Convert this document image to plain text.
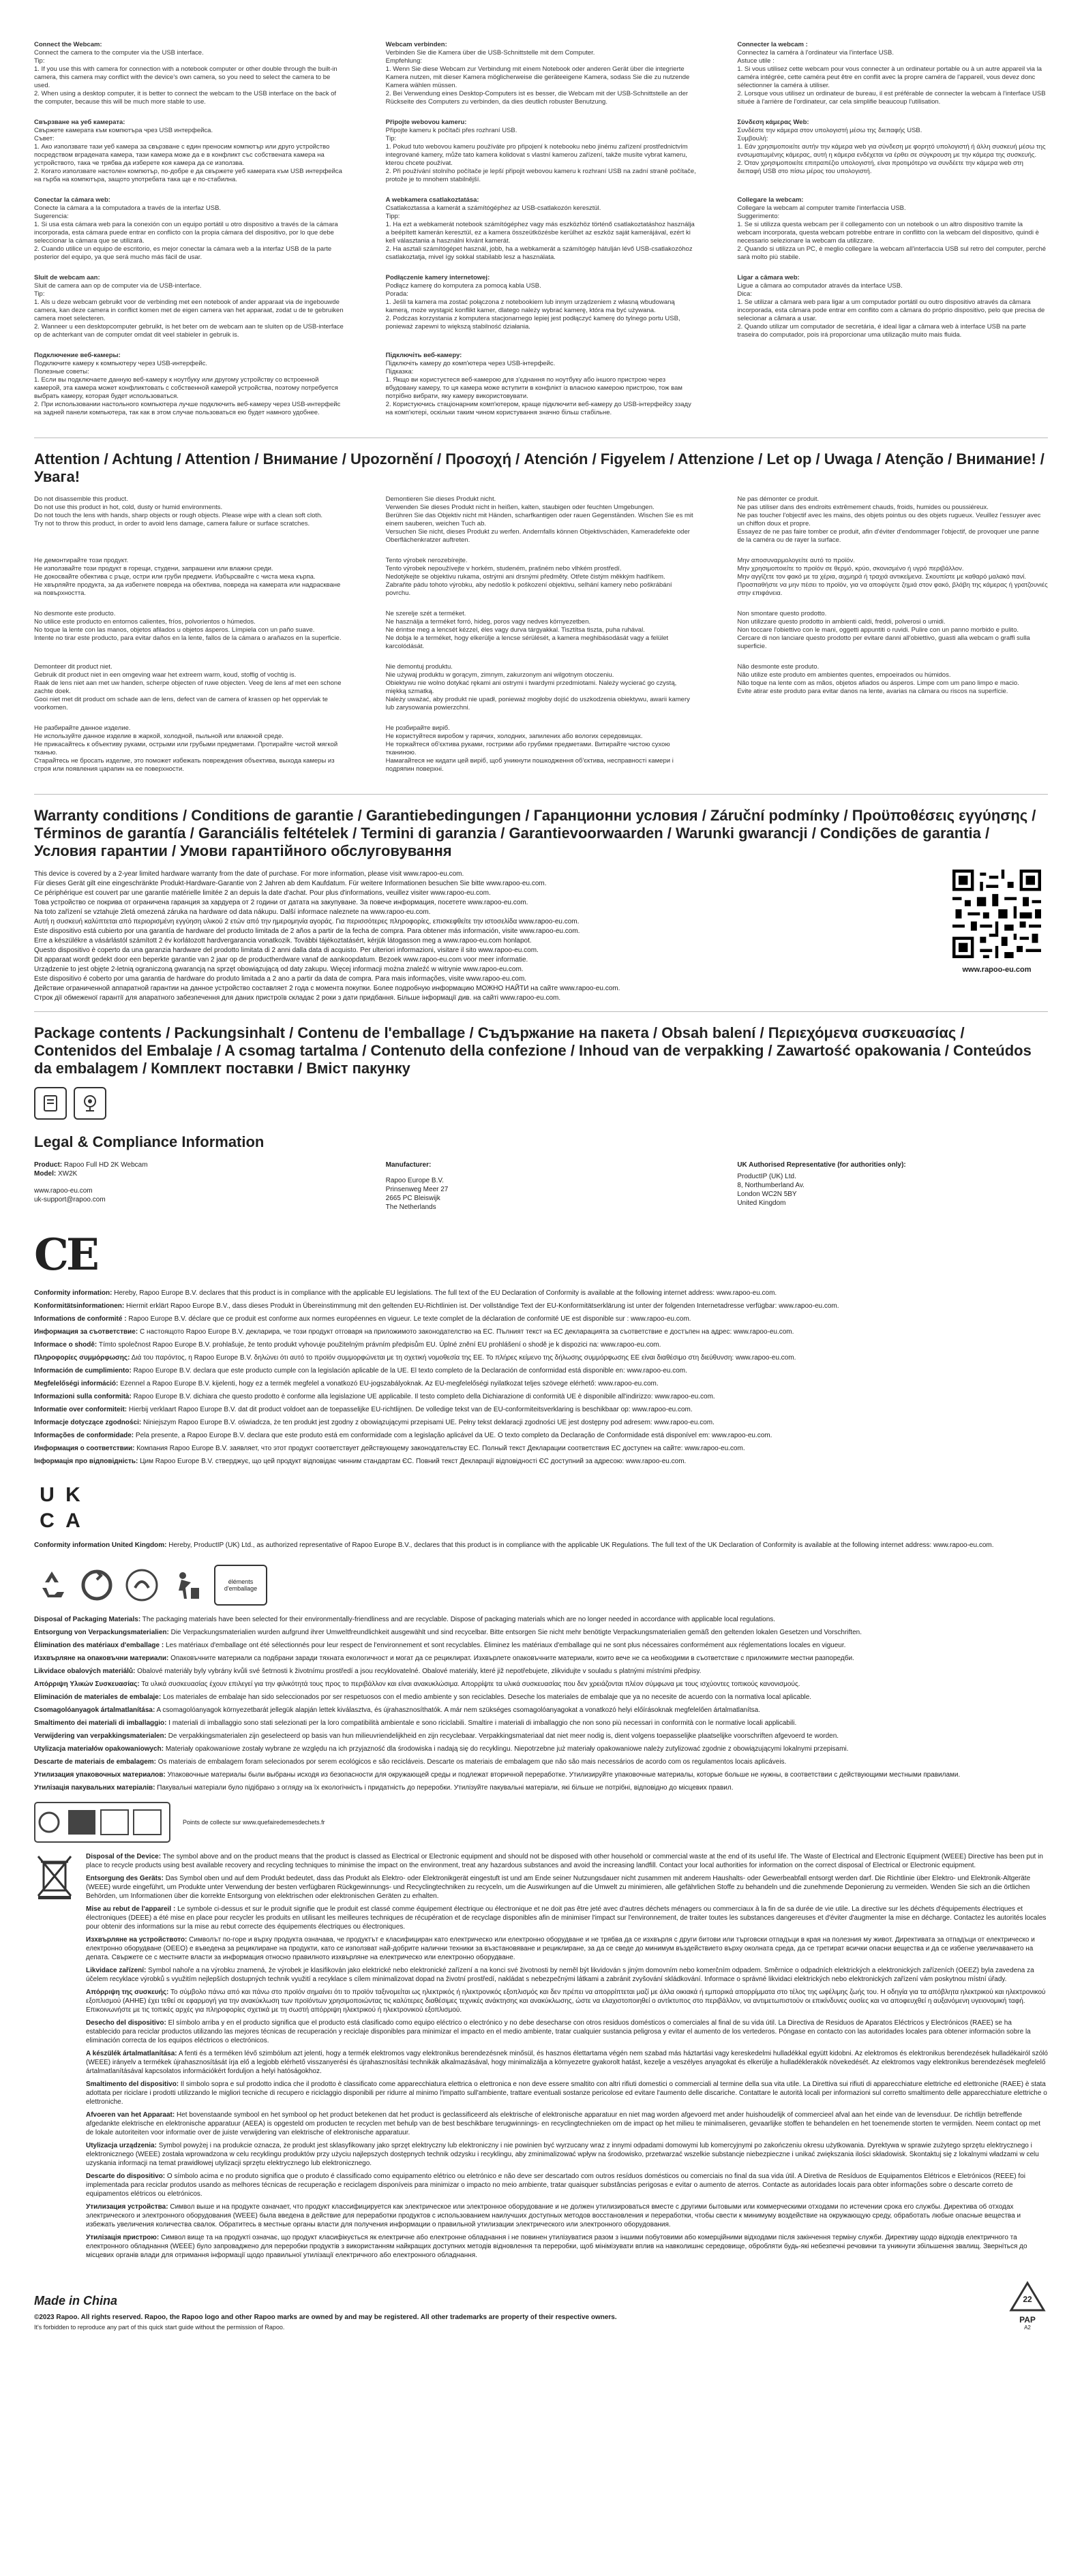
Connect the Webcam:
Connect the camera to the computer via the USB interface.
Tip:
1. If you use this with camera for connection with a notebook computer or other double through the built-in camera, this camera may conflict with the device's own camera, so you need to select the camera to be used.
2. When using a desktop computer, it is better to connect the webcam to the USB interface on the back of the computer, because this will be much more stable to use.
Webcam verbinden:
Verbinden Sie die Kamera über die USB-Schnittstelle mit dem Computer.
Empfehlung:
1. Wenn Sie diese Webcam zur Verbindung mit einem Notebook oder anderen Gerät über die integrierte Kamera nutzen, mit dieser Kamera möglicherweise die geräteeigene Kamera, sodass Sie die zu nutzende Kamera wählen müssen.
2. Bei Verwendung eines Desktop-Computers ist es besser, die Webcam mit der USB-Schnittstelle an der Rückseite des Computers zu verbinden, da dies deutlich robuster Benutzung.
Connecter la webcam :
Connectez la caméra à l'ordinateur via l'interface USB.
Astuce utile :
1. Si vous utilisez cette webcam pour vous connecter à un ordinateur portable ou à un autre appareil via la caméra intégrée, cette caméra peut être en conflit avec la propre caméra de l'appareil, vous devez donc sélectionner la caméra à utiliser.
2. Lorsque vous utilisez un ordinateur de bureau, il est préférable de connecter la webcam à l'interface USB située à l'arrière de l'ordinateur, car cela simplifie beaucoup l'utilisation.
Свързване на уеб камерата:
Свържете камерата към компютъра чрез USB интерфейса.
Съвет:
1. Ако използвате тази уеб камера за свързване с един преносим компютър или друго устройство посредством вградената камера, тази камера може да е в конфликт със собствената камера на устройството, така че трябва да изберете коя камера да се използва.
2. Когато използвате настолен компютър, по-добре е да свържете уеб камерата към USB интерфейса на гърба на компютъра, защото употребата така ще е по-стабилна.
Připojte webovou kameru:
Připojte kameru k počítači přes rozhraní USB.
Tip:
1. Pokud tuto webovou kameru používáte pro připojení k notebooku nebo jinému zařízení prostřednictvím integrované kamery, může tato kamera kolidovat s vlastní kamerou zařízení, takže musíte vybrat kameru, kterou chcete používat.
2. Při používání stolního počítače je lepší připojit webovou kameru k rozhraní USB na zadní straně počítače, protože je to mnohem stabilnější.
Σύνδεση κάμερας Web:
Συνδέστε την κάμερα στον υπολογιστή μέσω της διεπαφής USB.
Συμβουλή:
1. Εάν χρησιμοποιείτε αυτήν την κάμερα web για σύνδεση με φορητό υπολογιστή ή άλλη συσκευή μέσω της ενσωματωμένης κάμερας, αυτή η κάμερα ενδέχεται να έρθει σε σύγκρουση με την κάμερα της συσκευής.
2. Όταν χρησιμοποιείτε επιτραπέζιο υπολογιστή, είναι προτιμότερο να συνδέετε την κάμερα web στη διεπαφή USB στο πίσω μέρος του υπολογιστή.
Conectar la cámara web:
Conecte la cámara a la computadora a través de la interfaz USB.
Sugerencia:
1. Si usa esta cámara web para la conexión con un equipo portátil u otro dispositivo a través de la cámara incorporada, esta cámara puede entrar en conflicto con la propia cámara del dispositivo, por lo que debe seleccionar la cámara que se utilizará.
2. Cuando utilice un equipo de escritorio, es mejor conectar la cámara web a la interfaz USB de la parte posterior del equipo, ya que será mucho más fácil de usar.
A webkamera csatlakoztatása:
Csatlakoztassa a kamerát a számítógéphez az USB-csatlakozón keresztül.
Tipp:
1. Ha ezt a webkamerát notebook számítógéphez vagy más eszközhöz történő csatlakoztatáshoz használja a beépített kamerán keresztül, ez a kamera összeütközésbe kerülhet az eszköz saját kamerájával, ezért ki kell választania a használni kívánt kamerát.
2. Ha asztali számítógépet használ, jobb, ha a webkamerát a számítógép hátulján lévő USB-csatlakozóhoz csatlakoztatja, mivel így sokkal stabilabb lesz a használata.
Collegare la webcam:
Collegare la webcam al computer tramite l'interfaccia USB.
Suggerimento:
1. Se si utilizza questa webcam per il collegamento con un notebook o un altro dispositivo tramite la webcam incorporata, questa webcam potrebbe entrare in conflitto con la webcam del dispositivo, quindi è necessario selezionare la webcam da utilizzare.
2. Quando si utilizza un PC, è meglio collegare la webcam all'interfaccia USB sul retro del computer, perché sarà molto più stabile.
Sluit de webcam aan:
Sluit de camera aan op de computer via de USB-interface.
Tip:
1. Als u deze webcam gebruikt voor de verbinding met een notebook of ander apparaat via de ingebouwde camera, kan deze camera in conflict komen met de eigen camera van het apparaat, zodat u de te gebruiken camera moet selecteren.
2. Wanneer u een desktopcomputer gebruikt, is het beter om de webcam aan te sluiten op de USB-interface op de achterkant van de computer omdat dit veel stabieler in gebruik is.
Podłączenie kamery internetowej:
Podłącz kamerę do komputera za pomocą kabla USB.
Porada:
1. Jeśli ta kamera ma zostać połączona z notebookiem lub innym urządzeniem z własną wbudowaną kamerą, może wystąpić konflikt kamer, dlatego należy wybrać kamerę, która ma być używana.
2. Podczas korzystania z komputera stacjonarnego lepiej jest podłączyć kamerę do tylnego portu USB, ponieważ zapewni to większą stabilność działania.
Ligar a câmara web:
Ligue a câmara ao computador através da interface USB.
Dica:
1. Se utilizar a câmara web para ligar a um computador portátil ou outro dispositivo através da câmara incorporada, esta câmara pode entrar em conflito com a câmara do próprio dispositivo, pelo que precisa de selecionar a câmara a usar.
2. Quando utilizar um computador de secretária, é ideal ligar a câmara web à interface USB na parte traseira do computador, pois irá proporcionar uma utilização muito mais fluida.
Подключение веб-камеры:
Подключите камеру к компьютеру через USB-интерфейс.
Полезные советы:
1. Если вы подключаете данную веб-камеру к ноутбуку или другому устройству со встроенной камерой, эта камера может конфликтовать с собственной камерой устройства, поэтому потребуется выбрать камеру, которая будет использоваться.
2. При использовании настольного компьютера лучше подключить веб-камеру через USB-интерфейс на задней панели компьютера, так как в этом случае пользоваться ею будет намного удобнее.
Підключіть веб-камеру:
Підключіть камеру до комп'ютера через USB-інтерфейс.
Підказка:
1. Якщо ви користуєтеся веб-камерою для з'єднання по ноутбуку або іншого пристрою через вбудовану камеру, то ця камера може вступити в конфлікт із власною камерою пристрою, тож вам потрібно вибрати, яку камеру використовувати.
2. Користуючись стаціонарним комп'ютером, краще підключити веб-камеру до USB-інтерфейсу ззаду на комп'ютері, оскільки таким чином користування значно більш стабільне.
Attention / Achtung / Attention / Внимание / Upozornění / Προσοχή / Atención / Figyelem / Attenzione / Let op / Uwaga / Atenção / Внимание! / Увага!
Do not disassemble this product.
Do not use this product in hot, cold, dusty or humid environments.
Do not touch the lens with hands, sharp objects or rough objects. Please wipe with a clean soft cloth.
Try not to throw this product, in order to avoid lens damage, camera failure or surface scratches.
Demontieren Sie dieses Produkt nicht.
Verwenden Sie dieses Produkt nicht in heißen, kalten, staubigen oder feuchten Umgebungen.
Berühren Sie das Objektiv nicht mit Händen, scharfkantigen oder rauen Gegenständen. Wischen Sie es mit einem sauberen, weichen Tuch ab.
Versuchen Sie nicht, dieses Produkt zu werfen. Andernfalls können Objektivschäden, Kameradefekte oder Oberflächenkratzer auftreten.
Ne pas démonter ce produit.
Ne pas utiliser dans des endroits extrêmement chauds, froids, humides ou poussiéreux.
Ne pas toucher l'objectif avec les mains, des objets pointus ou des objets rugueux. Veuillez l'essuyer avec un chiffon doux et propre.
Essayez de ne pas faire tomber ce produit, afin d'éviter d'endommager l'objectif, de provoquer une panne de la caméra ou de rayer la surface.
Не демонтирайте този продукт.
Не използвайте този продукт в горещи, студени, запрашени или влажни среди.
Не докосвайте обектива с ръце, остри или груби предмети. Избърсвайте с чиста мека кърпа.
Не хвърляйте продукта, за да избегнете повреда на обектива, повреда на камерата или надраскване на повърхността.
Tento výrobek nerozebírejte.
Tento výrobek nepoužívejte v horkém, studeném, prašném nebo vlhkém prostředí.
Nedotýkejte se objektivu rukama, ostrými ani drsnými předměty. Otřete čistým měkkým hadříkem.
Zabraňte pádu tohoto výrobku, aby nedošlo k poškození objektivu, selhání kamery nebo poškrábání povrchu.
Μην αποσυναρμολογείτε αυτό το προϊόν.
Μην χρησιμοποιείτε το προϊόν σε θερμό, κρύο, σκονισμένο ή υγρό περιβάλλον.
Μην αγγίζετε τον φακό με τα χέρια, αιχμηρά ή τραχιά αντικείμενα. Σκουπίστε με καθαρό μαλακό πανί.
Προσπαθήστε να μην πέσει το προϊόν, για να αποφύγετε ζημιά στον φακό, βλάβη της κάμερας ή γρατζουνιές στην επιφάνεια.
No desmonte este producto.
No utilice este producto en entornos calientes, fríos, polvorientos o húmedos.
No toque la lente con las manos, objetos afilados u objetos ásperos. Límpiela con un paño suave.
Intente no tirar este producto, para evitar daños en la lente, fallos de la cámara o arañazos en la superficie.
Ne szerelje szét a terméket.
Ne használja a terméket forró, hideg, poros vagy nedves környezetben.
Ne érintse meg a lencsét kézzel, éles vagy durva tárgyakkal. Tisztítsa tiszta, puha ruhával.
Ne dobja le a terméket, hogy elkerülje a lencse sérülését, a kamera meghibásodását vagy a felület karcolódását.
Non smontare questo prodotto.
Non utilizzare questo prodotto in ambienti caldi, freddi, polverosi o umidi.
Non toccare l'obiettivo con le mani, oggetti appuntiti o ruvidi. Pulire con un panno morbido e pulito.
Cercare di non lanciare questo prodotto per evitare danni all'obiettivo, guasti alla webcam o graffi sulla superficie.
Demonteer dit product niet.
Gebruik dit product niet in een omgeving waar het extreem warm, koud, stoffig of vochtig is.
Raak de lens niet aan met uw handen, scherpe objecten of ruwe objecten. Veeg de lens af met een schone zachte doek.
Gooi niet met dit product om schade aan de lens, defect van de camera of krassen op het oppervlak te voorkomen.
Nie demontuj produktu.
Nie używaj produktu w gorącym, zimnym, zakurzonym ani wilgotnym otoczeniu.
Obiektywu nie wolno dotykać rękami ani ostrymi i twardymi przedmiotami. Należy wycierać go czystą, miękką szmatką.
Należy uważać, aby produkt nie upadł, ponieważ mogłoby dojść do uszkodzenia obiektywu, awarii kamery lub zarysowania powierzchni.
Não desmonte este produto.
Não utilize este produto em ambientes quentes, empoeirados ou húmidos.
Não toque na lente com as mãos, objetos afiados ou ásperos. Limpe com um pano limpo e macio.
Evite atirar este produto para evitar danos na lente, avarias na câmara ou riscos na superfície.
Не разбирайте данное изделие.
Не используйте данное изделие в жаркой, холодной, пыльной или влажной среде.
Не прикасайтесь к объективу руками, острыми или грубыми предметами. Протирайте чистой мягкой тканью.
Старайтесь не бросать изделие, это поможет избежать повреждения объектива, выхода камеры из строя или появления царапин на ее поверхности.
Не розбирайте виріб.
Не користуйтеся виробом у гарячих, холодних, запилених або вологих середовищах.
Не торкайтеся об'єктива руками, гострими або грубими предметами. Витирайте чистою сухою тканиною.
Намагайтеся не кидати цей виріб, щоб уникнути пошкодження об'єктива, несправності камери і подряпин поверхні.
Warranty conditions / Conditions de garantie / Garantiebedingungen / Гаранционни условия / Záruční podmínky / Προϋποθέσεις εγγύησης / Términos de garantía / Garanciális feltételek / Termini di garanzia / Garantievoorwaarden / Warunki gwarancji / Condições de garantia / Условия гарантии / Умови гарантійного обслуговування
This device is covered by a 2-year limited hardware warranty from the date of purchase. For more information, please visit www.rapoo-eu.com.
Für dieses Gerät gilt eine eingeschränkte Produkt-Hardware-Garantie von 2 Jahren ab dem Kaufdatum. Für weitere Informationen besuchen Sie bitte www.rapoo-eu.com.
Ce périphérique est couvert par une garantie matérielle limitée 2 an depuis la date d'achat. Pour plus d'informations, veuillez visiter www.rapoo-eu.com.
Това устройство се покрива от ограничена гаранция за хардуера от 2 години от датата на закупуване. За повече информация, посетете www.rapoo-eu.com.
Na toto zařízení se vztahuje 2letá omezená záruka na hardware od data nákupu. Další informace naleznete na www.rapoo-eu.com.
Αυτή η συσκευή καλύπτεται από περιορισμένη εγγύηση υλικού 2 ετών από την ημερομηνία αγοράς. Για περισσότερες πληροφορίες, επισκεφθείτε την ιστοσελίδα www.rapoo-eu.com.
Este dispositivo está cubierto por una garantía de hardware del producto limitada de 2 años a partir de la fecha de compra. Para obtener más información, visite www.rapoo-eu.com.
Erre a készülékre a vásárlástól számított 2 év korlátozott hardvergarancia vonatkozik. További tájékoztatásért, kérjük látogasson meg a www.rapoo-eu.com honlapot.
Questo dispositivo è coperto da una garanzia hardware del prodotto limitata di 2 anni dalla data di acquisto. Per ulteriori informazioni, visitare il sito www.rapoo-eu.com.
Dit apparaat wordt gedekt door een beperkte garantie van 2 jaar op de productherdware vanaf de aankoopdatum. Bezoek www.rapoo-eu.com voor meer informatie.
Urządzenie to jest objęte 2-letnią ograniczoną gwarancją na sprzęt obowiązującą od daty zakupu. Więcej informacji można znaleźć w witrynie www.rapoo-eu.com.
Este dispositivo é coberto por uma garantia de hardware do produto limitada a 2 ano a partir da data de compra. Para mais informações, visite www.rapoo-eu.com.
Действие ограниченной аппаратной гарантии на данное устройство составляет 2 года с момента покупки. Более подробную информацию МОЖНО НАЙТИ на сайте www.rapoo-eu.com.
Строк дії обмеженої гарантії для апаратного забезпечення для даних пристроїв складає 2 роки з дати придбання. Більше інформації див. на сайті www.rapoo-eu.com.
www.rapoo-eu.com
Package contents / Packungsinhalt / Contenu de l'emballage / Съдържание на пакета / Obsah balení / Περιεχόμενα συσκευασίας / Contenidos del Embalaje / A csomag tartalma / Contenuto della confezione / Inhoud van de verpakking / Zawartość opakowania / Conteúdos da embalagem / Комплект поставки / Вміст пакунку
Legal & Compliance Information
Product: Rapoo Full HD 2K Webcam
Model: XW2K
www.rapoo-eu.com
uk-support@rapoo.com
Manufacturer:
Rapoo Europe B.V.
Prinsenweg Meer 27
2665 PC Bleiswijk
The Netherlands
UK Authorised Representative (for authorities only):
ProductIP (UK) Ltd.
8, Northumberland Av.
London WC2N 5BY
United Kingdom
CE
Conformity information: Hereby, Rapoo Europe B.V. declares that this product is in compliance with the applicable EU legislations. The full text of the EU Declaration of Conformity is available at the following internet address: www.rapoo-eu.com.
Konformitätsinformationen: Hiermit erklärt Rapoo Europe B.V., dass dieses Produkt in Übereinstimmung mit den geltenden EU-Richtlinien ist. Der vollständige Text der EU-Konformitätserklärung ist unter der folgenden Internetadresse verfügbar: www.rapoo-eu.com.
Informations de conformité : Rapoo Europe B.V. déclare que ce produit est conforme aux normes européennes en vigueur. Le texte complet de la déclaration de conformité UE est disponible sur : www.rapoo-eu.com.
Информация за съответствие: С настоящото Rapoo Europe B.V. декларира, че този продукт отговаря на приложимото законодателство на ЕС. Пълният текст на ЕС декларацията за съответствие е достъпен на адрес: www.rapoo-eu.com.
Informace o shodě: Tímto společnost Rapoo Europe B.V. prohlašuje, že tento produkt vyhovuje použitelným právním předpisům EU. Úplné znění EU prohlášení o shodě je k dispozici na: www.rapoo-eu.com.
Πληροφορίες συμμόρφωσης: Διά του παρόντος, η Rapoo Europe B.V. δηλώνει ότι αυτό το προϊόν συμμορφώνεται με τη σχετική νομοθεσία της ΕΕ. Το πλήρες κείμενο της δήλωσης συμμόρφωσης ΕΕ είναι διαθέσιμο στη διεύθυνση: www.rapoo-eu.com.
Información de cumplimiento: Rapoo Europe B.V. declara que este producto cumple con la legislación aplicable de la UE. El texto completo de la Declaración de conformidad está disponible en: www.rapoo-eu.com.
Megfelelőségi információ: Ezennel a Rapoo Europe B.V. kijelenti, hogy ez a termék megfelel a vonatkozó EU-jogszabályoknak. Az EU-megfelelőségi nyilatkozat teljes szövege elérhető: www.rapoo-eu.com.
Informazioni sulla conformità: Rapoo Europe B.V. dichiara che questo prodotto è conforme alla legislazione UE applicabile. Il testo completo della Dichiarazione di conformità UE è disponibile all'indirizzo: www.rapoo-eu.com.
Informatie over conformiteit: Hierbij verklaart Rapoo Europe B.V. dat dit product voldoet aan de toepasselijke EU-richtlijnen. De volledige tekst van de EU-conformiteitsverklaring is beschikbaar op: www.rapoo-eu.com.
Informacje dotyczące zgodności: Niniejszym Rapoo Europe B.V. oświadcza, że ten produkt jest zgodny z obowiązującymi przepisami UE. Pełny tekst deklaracji zgodności UE jest dostępny pod adresem: www.rapoo-eu.com.
Informações de conformidade: Pela presente, a Rapoo Europe B.V. declara que este produto está em conformidade com a legislação aplicável da UE. O texto completo da Declaração de Conformidade está disponível em: www.rapoo-eu.com.
Информация о соответствии: Компания Rapoo Europe B.V. заявляет, что этот продукт соответствует действующему законодательству ЕС. Полный текст Декларации соответствия ЕС доступен на сайте: www.rapoo-eu.com.
Інформація про відповідність: Цим Rapoo Europe B.V. стверджує, що цей продукт відповідає чинним стандартам ЄС. Повний текст Декларації відповідності ЄС доступний за адресою: www.rapoo-eu.com.
U K
C A
Conformity information United Kingdom: Hereby, ProductIP (UK) Ltd., as authorized representative of Rapoo Europe B.V., declares that this product is in compliance with the applicable UK Regulations. The full text of the UK Declaration of Conformity is available at the following internet address: www.rapoo-eu.com.
éléments d'emballage
Disposal of Packaging Materials: The packaging materials have been selected for their environmentally-friendliness and are recyclable. Dispose of packaging materials which are no longer needed in accordance with applicable local regulations.
Entsorgung von Verpackungsmaterialien: Die Verpackungsmaterialien wurden aufgrund ihrer Umweltfreundlichkeit ausgewählt und sind recycelbar. Bitte entsorgen Sie nicht mehr benötigte Verpackungsmaterialien gemäß den geltenden lokalen Gesetzen und Vorschriften.
Élimination des matériaux d'emballage : Les matériaux d'emballage ont été sélectionnés pour leur respect de l'environnement et sont recyclables. Éliminez les matériaux d'emballage qui ne sont plus nécessaires conformément aux réglementations locales en vigueur.
Изхвърляне на опаковъчни материали: Опаковъчните материали са подбрани заради тяхната екологичност и могат да се рециклират. Изхвърлете опаковъчните материали, които вече не са необходими в съответствие с приложимите местни разпоредби.
Likvidace obalových materiálů: Obalové materiály byly vybrány kvůli své šetrnosti k životnímu prostředí a jsou recyklovatelné. Obalové materiály, které již nepotřebujete, zlikvidujte v souladu s platnými místními předpisy.
Απόρριψη Υλικών Συσκευασίας: Τα υλικά συσκευασίας έχουν επιλεγεί για την φιλικότητά τους προς το περιβάλλον και είναι ανακυκλώσιμα. Απορρίψτε τα υλικά συσκευασίας που δεν χρειάζονται πλέον σύμφωνα με τους ισχύοντες τοπικούς κανονισμούς.
Eliminación de materiales de embalaje: Los materiales de embalaje han sido seleccionados por ser respetuosos con el medio ambiente y son reciclables. Deseche los materiales de embalaje que ya no necesite de acuerdo con la normativa local aplicable.
Csomagolóanyagok ártalmatlanítása: A csomagolóanyagok környezetbarát jellegük alapján lettek kiválasztva, és újrahasznosíthatók. A már nem szükséges csomagolóanyagokat a vonatkozó helyi előírásoknak megfelelően ártalmatlanítsa.
Smaltimento dei materiali di imballaggio: I materiali di imballaggio sono stati selezionati per la loro compatibilità ambientale e sono riciclabili. Smaltire i materiali di imballaggio che non sono più necessari in conformità con le normative locali applicabili.
Verwijdering van verpakkingsmaterialen: De verpakkingsmaterialen zijn geselecteerd op basis van hun milieuvriendelijkheid en zijn recyclebaar. Verpakkingsmateriaal dat niet meer nodig is, dient volgens toepasselijke plaatselijke voorschriften afgevoerd te worden.
Utylizacja materiałów opakowaniowych: Materiały opakowaniowe zostały wybrane ze względu na ich przyjazność dla środowiska i nadają się do recyklingu. Niepotrzebne już materiały opakowaniowe należy zutylizować zgodnie z obowiązującymi lokalnymi przepisami.
Descarte de materiais de embalagem: Os materiais de embalagem foram selecionados por serem ecológicos e são recicláveis. Descarte os materiais de embalagem que não são mais necessários de acordo com os regulamentos locais aplicáveis.
Утилизация упаковочных материалов: Упаковочные материалы были выбраны исходя из безопасности для окружающей среды и подлежат вторичной переработке. Утилизируйте упаковочные материалы, которые больше не нужны, в соответствии с действующими местными правилами.
Утилізація пакувальних матеріалів: Пакувальні матеріали було підібрано з огляду на їх екологічність і придатність до переробки. Утилізуйте пакувальні матеріали, які більше не потрібні, відповідно до місцевих правил.
Points de collecte sur www.quefairedemesdechets.fr
Disposal of the Device: The symbol above and on the product means that the product is classed as Electrical or Electronic equipment and should not be disposed with other household or commercial waste at the end of its useful life. The Waste of Electrical and Electronic Equipment (WEEE) Directive has been put in place to recycle products using best available recovery and recycling techniques to minimise the impact on the environment, treat any hazardous substances and avoid the increasing landfill. Contact your local authorities for information on the correct disposal of Electrical or Electronic equipment.
Entsorgung des Geräts: Das Symbol oben und auf dem Produkt bedeutet, dass das Produkt als Elektro- oder Elektronikgerät eingestuft ist und am Ende seiner Nutzungsdauer nicht zusammen mit anderem Haushalts- oder Gewerbeabfall entsorgt werden darf. Die Richtlinie über Elektro- und Elektronik-Altgeräte (WEEE) wurde eingeführt, um Produkte unter Verwendung der besten verfügbaren Rückgewinnungs- und Recyclingtechniken zu recyceln, um die Auswirkungen auf die Umwelt zu minimieren, alle gefährlichen Stoffe zu behandeln und die zunehmende Deponierung zu vermeiden. Wenden Sie sich an die örtlichen Behörden, um Informationen über die korrekte Entsorgung von elektrischen oder elektronischen Geräten zu erhalten.
Mise au rebut de l'appareil : Le symbole ci-dessus et sur le produit signifie que le produit est classé comme équipement électrique ou électronique et ne doit pas être jeté avec d'autres déchets ménagers ou commerciaux à la fin de sa durée de vie utile. La directive sur les déchets d'équipements électriques et électroniques (DEEE) a été mise en place pour recycler les produits en utilisant les meilleures techniques de récupération et de recyclage disponibles afin de minimiser l'impact sur l'environnement, de traiter toutes les substances dangereuses et d'éviter d'augmenter la mise en décharge. Contactez les autorités locales pour obtenir des informations sur la mise au rebut correcte des équipements électriques ou électroniques.
Изхвърляне на устройството: Символът по-горе и върху продукта означава, че продуктът е класифициран като електрическо или електронно оборудване и не трябва да се изхвърля с други битови или търговски отпадъци в края на полезния му живот. Директивата за отпадъци от електрическо и електронно оборудване (ОЕЕО) е въведена за рециклиране на продукти, като се използват най-добрите налични техники за възстановяване и рециклиране, за да се сведе до минимум въздействието върху околната среда, да се третират всички опасни вещества и да се избегне увеличаването на депата. Свържете се с местните власти за информация относно правилното изхвърляне на електрическо или електронно оборудване.
Likvidace zařízení: Symbol nahoře a na výrobku znamená, že výrobek je klasifikován jako elektrické nebo elektronické zařízení a na konci své životnosti by neměl být likvidován s jiným domovním nebo komerčním odpadem. Směrnice o odpadních elektrických a elektronických zařízeních (OEEZ) byla zavedena za účelem recyklace výrobků s využitím nejlepších dostupných technik využití a recyklace s cílem minimalizovat dopad na životní prostředí, nakládat s nebezpečnými látkami a zabránit zvyšování skládkování. Informace o správné likvidaci elektrických nebo elektronických zařízení vám poskytnou místní úřady.
Απόρριψη της συσκευής: Το σύμβολο πάνω από και πάνω στο προϊόν σημαίνει ότι το προϊόν ταξινομείται ως ηλεκτρικός ή ηλεκτρονικός εξοπλισμός και δεν πρέπει να απορρίπτεται μαζί με άλλα οικιακά ή εμπορικά απορρίμματα στο τέλος της ωφέλιμης ζωής του. Η οδηγία για τα απόβλητα ηλεκτρικού και ηλεκτρονικού εξοπλισμού (ΑΗΗΕ) έχει τεθεί σε εφαρμογή για την ανακύκλωση των προϊόντων χρησιμοποιώντας τις καλύτερες διαθέσιμες τεχνικές ανάκτησης και ανακύκλωσης, ώστε να ελαχιστοποιηθεί ο αντίκτυπος στο περιβάλλον, να αντιμετωπιστούν οι επικίνδυνες ουσίες και να αποφευχθεί η αυξανόμενη υγειονομική ταφή. Επικοινωνήστε με τις τοπικές αρχές για πληροφορίες σχετικά με τη σωστή απόρριψη ηλεκτρικού ή ηλεκτρονικού εξοπλισμού.
Desecho del dispositivo: El símbolo arriba y en el producto significa que el producto está clasificado como equipo eléctrico o electrónico y no debe desecharse con otros residuos domésticos o comerciales al final de su vida útil. La Directiva de Residuos de Aparatos Eléctricos y Electrónicos (RAEE) se ha establecido para reciclar productos utilizando las mejores técnicas de recuperación y reciclaje disponibles para minimizar el impacto en el medio ambiente, tratar cualquier sustancia peligrosa y evitar el aumento de los vertederos. Póngase en contacto con las autoridades locales para obtener información sobre la eliminación correcta de los equipos eléctricos o electrónicos.
A készülék ártalmatlanítása: A fenti és a terméken lévő szimbólum azt jelenti, hogy a termék elektromos vagy elektronikus berendezésnek minősül, és hasznos élettartama végén nem szabad más háztartási vagy kereskedelmi hulladékkal együtt kidobni. Az elektromos és elektronikus berendezések hulladékairól szóló (WEEE) irányelv a termékek újrahasznosítását írja elő a legjobb elérhető visszanyerési és újrahasznosítási technikák alkalmazásával, hogy minimalizálja a környezetre gyakorolt hatást, kezelje a veszélyes anyagokat és elkerülje a hulladéklerakók növekedését. Az elektromos vagy elektronikus berendezések megfelelő ártalmatlanításával kapcsolatos információkért forduljon a helyi hatóságokhoz.
Smaltimento del dispositivo: Il simbolo sopra e sul prodotto indica che il prodotto è classificato come apparecchiatura elettrica o elettronica e non deve essere smaltito con altri rifiuti domestici o commerciali al termine della sua vita utile. La Direttiva sui rifiuti di apparecchiature elettriche ed elettroniche (RAEE) è stata adottata per riciclare i prodotti utilizzando le migliori tecniche di recupero e riciclaggio disponibili per ridurre al minimo l'impatto sull'ambiente, trattare eventuali sostanze pericolose ed evitare l'aumento delle discariche. Contattare le autorità locali per informazioni sul corretto smaltimento delle apparecchiature elettriche o elettroniche.
Afvoeren van het Apparaat: Het bovenstaande symbool en het symbool op het product betekenen dat het product is geclassificeerd als elektrische of elektronische apparatuur en niet mag worden afgevoerd met ander huishoudelijk of commercieel afval aan het einde van de levensduur. De richtlijn betreffende afgedankte elektrische en elektronische apparatuur (AEEA) is opgesteld om producten te recyclen met behulp van de best beschikbare terugwinnings- en recyclingtechnieken om de impact op het milieu te minimaliseren, gevaarlijke stoffen te behandelen en het toenemende storten te vermijden. Neem contact op met de lokale autoriteiten voor informatie over de juiste verwijdering van elektrische of elektronische apparatuur.
Utylizacja urządzenia: Symbol powyżej i na produkcie oznacza, że produkt jest sklasyfikowany jako sprzęt elektryczny lub elektroniczny i nie powinien być wyrzucany wraz z innymi odpadami domowymi lub komercyjnymi po zakończeniu okresu użytkowania. Dyrektywa w sprawie zużytego sprzętu elektrycznego i elektronicznego (WEEE) została wprowadzona w celu recyklingu produktów przy użyciu najlepszych dostępnych technik odzysku i recyklingu, aby zminimalizować wpływ na środowisko, przetwarzać wszelkie substancje niebezpieczne i unikać zwiększania ilości składowisk. Skontaktuj się z lokalnymi władzami w celu uzyskania informacji na temat prawidłowej utylizacji sprzętu elektrycznego lub elektronicznego.
Descarte do dispositivo: O símbolo acima e no produto significa que o produto é classificado como equipamento elétrico ou eletrónico e não deve ser descartado com outros resíduos domésticos ou comerciais no final da sua vida útil. A Diretiva de Resíduos de Equipamentos Elétricos e Eletrónicos (REEE) foi implementada para reciclar produtos usando as melhores técnicas de recuperação e reciclagem disponíveis para minimizar o impacto no meio ambiente, tratar quaisquer substâncias perigosas e evitar o aumento de aterros. Contacte as autoridades locais para obter informações sobre o descarte correto de equipamentos elétricos ou eletrónicos.
Утилизация устройства: Символ выше и на продукте означает, что продукт классифицируется как электрическое или электронное оборудование и не должен утилизироваться вместе с другими бытовыми или коммерческими отходами по истечении срока его службы. Директива об отходах электрического и электронного оборудования (WEEE) была введена в действие для переработки продуктов с использованием наилучших доступных методов восстановления и переработки, чтобы свести к минимуму воздействие на окружающую среду, обработать любые опасные вещества и избежать увеличения количества свалок. Обратитесь в местные органы власти для получения информации о правильной утилизации электрического или электронного оборудования.
Утилізація пристрою: Символ вище та на продукті означає, що продукт класифікується як електричне або електронне обладнання і не повинен утилізуватися разом з іншими побутовими або комерційними відходами після закінчення терміну служби. Директиву щодо відходів електричного та електронного обладнання (WEEE) було запроваджено для переробки продуктів з використанням найкращих доступних методів відновлення та переробки, щоб мінімізувати вплив на навколишнє середовище, обробляти будь-які небезпечні речовини та уникнути збільшення звалищ. Зверніться до місцевих органів влади для отримання інформації щодо правильної утилізації електричного або електронного обладнання.
Made in China
©2023 Rapoo. All rights reserved. Rapoo, the Rapoo logo and other Rapoo marks are owned by and may be registered. All other trademarks are property of their respective owners.
It's forbidden to reproduce any part of this quick start guide without the permission of Rapoo.
22
PAP
A2
